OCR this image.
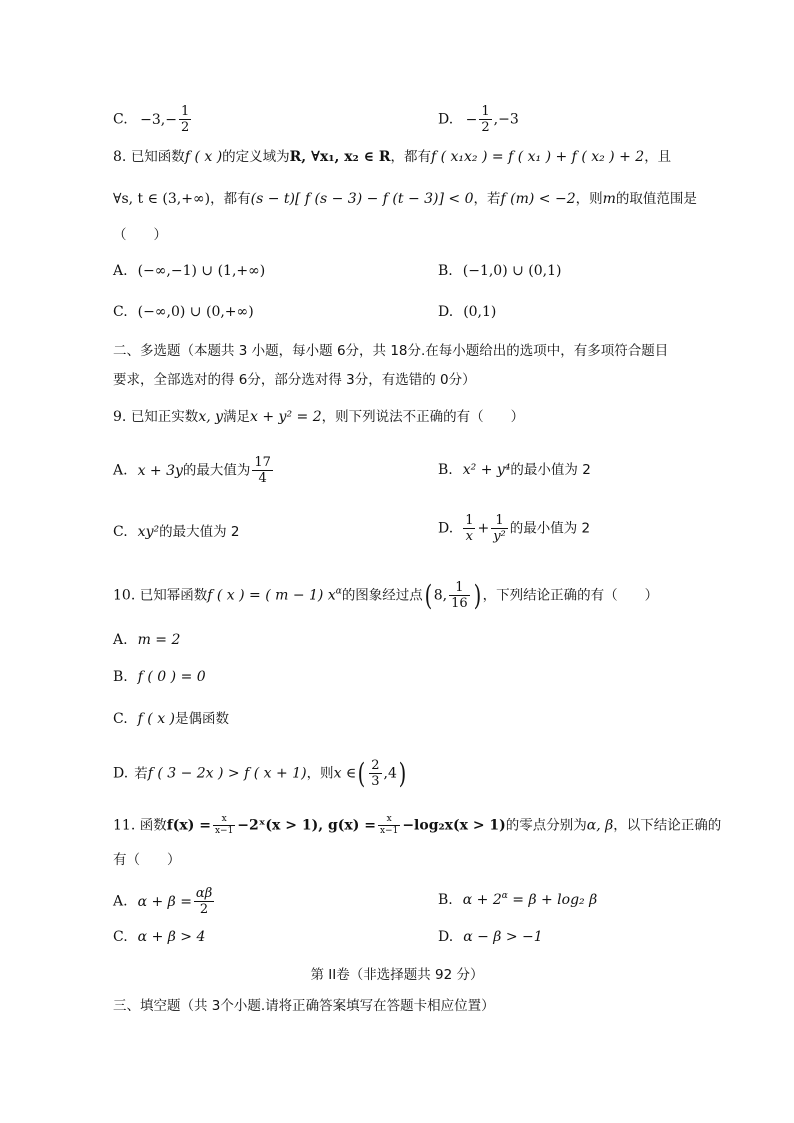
C. $-3,- \frac{1}{2}$	D. − $\frac{1}{2} ,-3$
8. 已知函数f ( x )的定义域为R, ∀x₁, x₂ ∈ R，都有f ( x₁x₂ ) = f ( x₁ ) + f ( x₂ ) + 2，且
∀s, t ∈ (3,+∞)，都有(s − t)[ f (s − 3) − f (t − 3)] < 0，若f (m) < −2，则m的取值范围是
（　　）
A. (−∞,−1) ∪ (1,+∞)	B. (−1,0) ∪ (0,1)
C. (−∞,0) ∪ (0,+∞)	D. (0,1)
二、多选题（本题共 3 小题，每小题 6分，共 18分.在每小题给出的选项中，有多项符合题目
要求，全部选对的得 6分，部分选对得 3分，有选错的 0分）
9. 已知正实数x, y满足x + y² = 2，则下列说法不正确的有（　　）
A. x + 3y的最大值为 $\frac{17}{4}$	B. x² + y⁴的最小值为 2
C. xy²的最大值为 2	D. $\frac{1}{x} + \frac{1}{\text{y²}}$ 的最小值为 2
10. 已知幂函数f ( x ) = ( m − 1) $x^\alpha$的图象经过点( 8, $\frac{1}{16}$ ) ，下列结论正确的有（　　）
A. m = 2
B. f ( 0 ) = 0
C. f ( x )是偶函数
D. 若f ( 3 − 2x ) > f ( x + 1)，则x ∈( $\frac{2}{3} ,4$)
11. 函数$f(x) = \frac{x}{x-1}$ −2ˣ(x > 1), $g(x) = \frac{x}{x-1} -\log_2x(x > 1)$的零点分别为α, β，以下结论正确的
有（　　）
A. $\alpha + \beta = \frac{\alpha\beta}{2}$	B. $\alpha + 2^\alpha = \beta + \log_2$ β
C. α + β > 4	D. α − β > −1
第 II卷（非选择题共 92 分）
三、填空题（共 3个小题.请将正确答案填写在答题卡相应位置）
